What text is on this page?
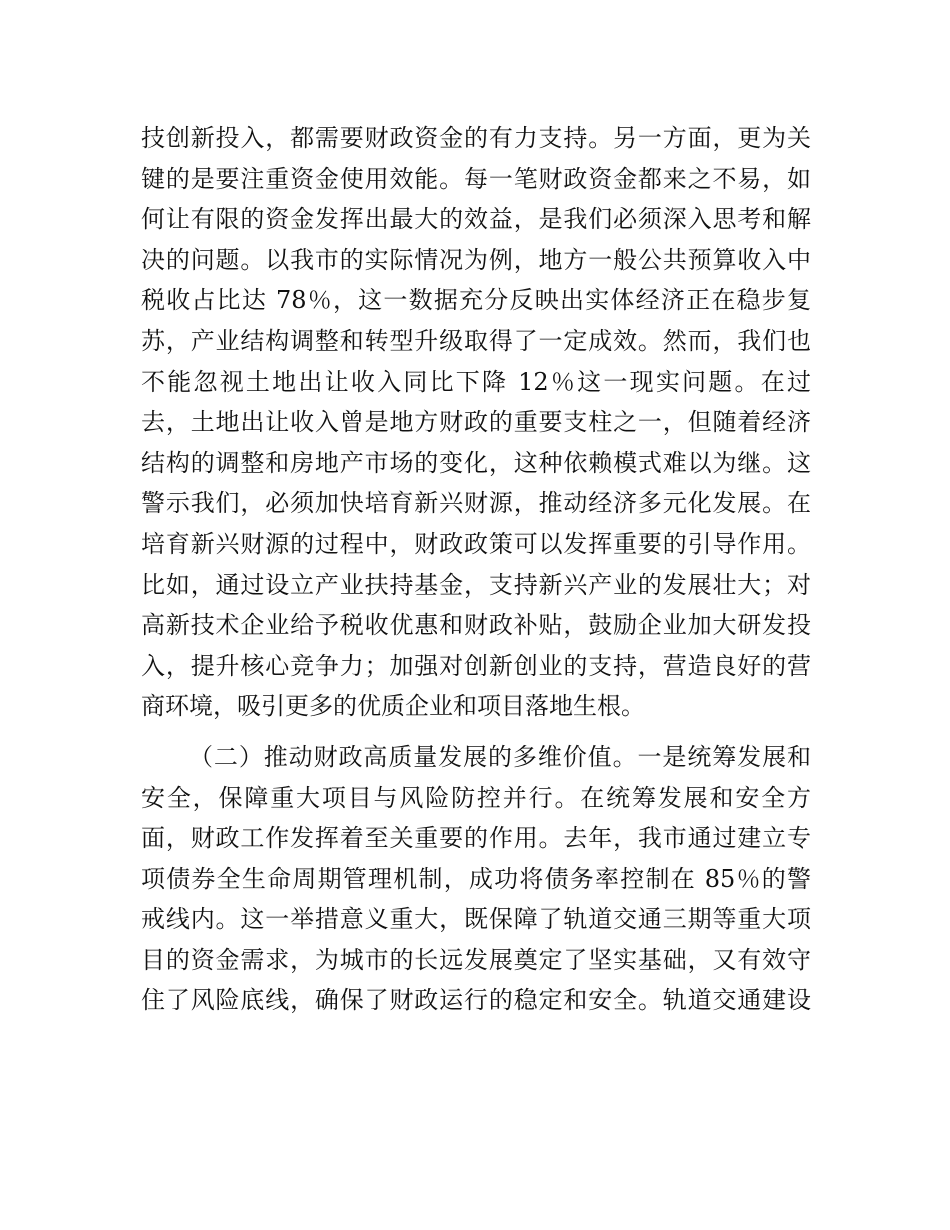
技创新投入，都需要财政资金的有力支持。另一方面，更为关
键的是要注重资金使用效能。每一笔财政资金都来之不易，如
何让有限的资金发挥出最大的效益，是我们必须深入思考和解
决的问题。以我市的实际情况为例，地方一般公共预算收入中
税收占比达 78％，这一数据充分反映出实体经济正在稳步复
苏，产业结构调整和转型升级取得了一定成效。然而，我们也
不能忽视土地出让收入同比下降 12％这一现实问题。在过
去，土地出让收入曾是地方财政的重要支柱之一，但随着经济
结构的调整和房地产市场的变化，这种依赖模式难以为继。这
警示我们，必须加快培育新兴财源，推动经济多元化发展。在
培育新兴财源的过程中，财政政策可以发挥重要的引导作用。
比如，通过设立产业扶持基金，支持新兴产业的发展壮大；对
高新技术企业给予税收优惠和财政补贴，鼓励企业加大研发投
入，提升核心竞争力；加强对创新创业的支持，营造良好的营
商环境，吸引更多的优质企业和项目落地生根。
（二）推动财政高质量发展的多维价值。一是统筹发展和
安全，保障重大项目与风险防控并行。在统筹发展和安全方
面，财政工作发挥着至关重要的作用。去年，我市通过建立专
项债券全生命周期管理机制，成功将债务率控制在 85％的警
戒线内。这一举措意义重大，既保障了轨道交通三期等重大项
目的资金需求，为城市的长远发展奠定了坚实基础，又有效守
住了风险底线，确保了财政运行的稳定和安全。轨道交通建设
